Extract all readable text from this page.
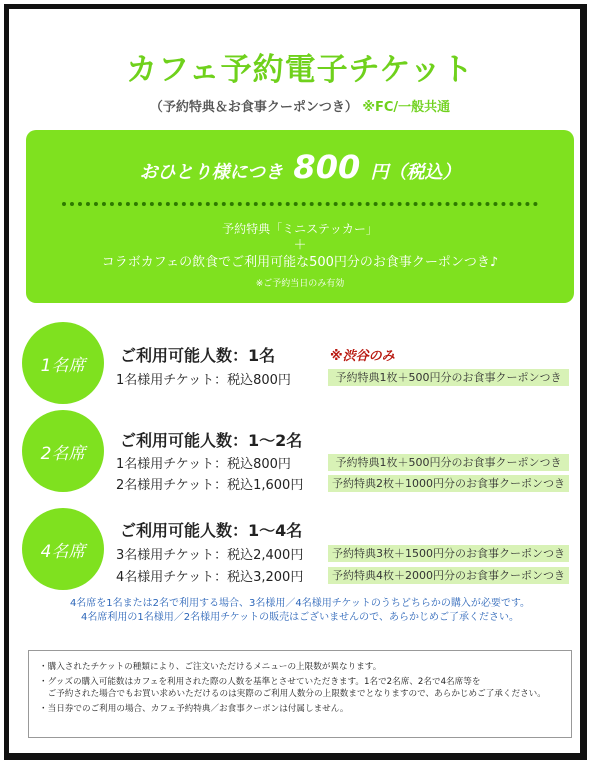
カフェ予約電子チケット
（予約特典＆お食事クーポンつき） ※FC/一般共通
おひとり様につき 800 円（税込）
予約特典「ミニステッカー」
＋
コラボカフェの飲食でご利用可能な500円分のお食事クーポンつき♪
※ご予約当日のみ有効
1名席	ご利用可能人数：1名	※渋谷のみ
1名様用チケット：税込800円	予約特典1枚＋500円分のお食事クーポンつき
2名席
ご利用可能人数：1〜2名
1名様用チケット：税込800円	予約特典1枚＋500円分のお食事クーポンつき
2名様用チケット：税込1,600円	予約特典2枚＋1000円分のお食事クーポンつき
4名席
ご利用可能人数：1〜4名
3名様用チケット：税込2,400円	予約特典3枚＋1500円分のお食事クーポンつき
4名様用チケット：税込3,200円	予約特典4枚＋2000円分のお食事クーポンつき
4名席を1名または2名で利用する場合、3名様用／4名様用チケットのうちどちらかの購入が必要です。
4名席利用の1名様用／2名様用チケットの販売はございませんので、あらかじめご了承ください。

・購入されたチケットの種類により、ご注文いただけるメニューの上限数が異なります。

・グッズの購入可能数はカフェを利用された際の人数を基準とさせていただきます。1名で2名席、2名で4名席等を

　ご予約された場合でもお買い求めいただけるのは実際のご利用人数分の上限数までとなりますので、あらかじめご了承ください。

・当日券でのご利用の場合、カフェ予約特典／お食事クーポンは付属しません。
